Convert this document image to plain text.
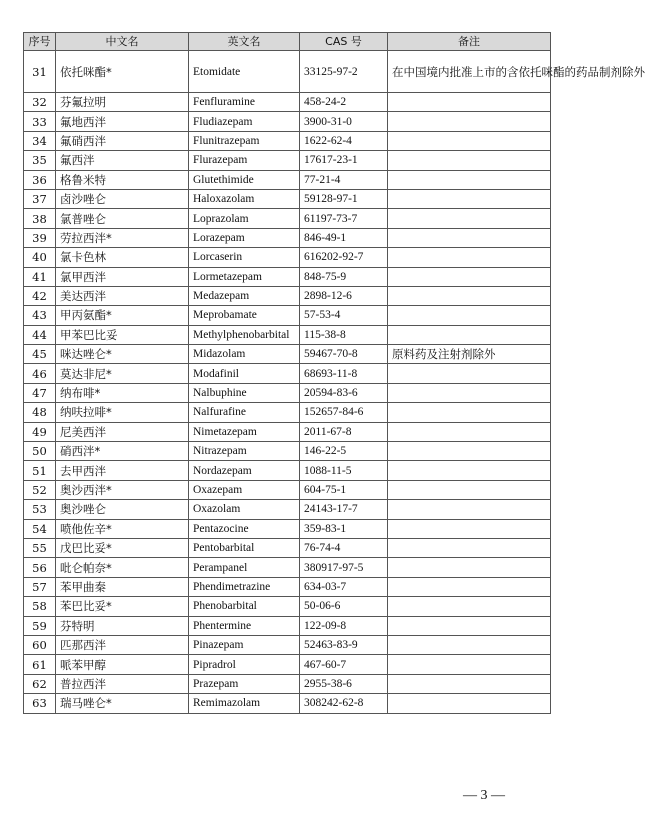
序号	中文名	英文名	CAS 号	备注
31	依托咪酯*	Etomidate	33125-97-2	在中国境内批准上市的含依托咪酯的药品制剂除外
32	芬氟拉明	Fenfluramine	458-24-2	
33	氟地西泮	Fludiazepam	3900-31-0	
34	氟硝西泮	Flunitrazepam	1622-62-4	
35	氟西泮	Flurazepam	17617-23-1	
36	格鲁米特	Glutethimide	77-21-4	
37	卤沙唑仑	Haloxazolam	59128-97-1	
38	氯普唑仑	Loprazolam	61197-73-7	
39	劳拉西泮*	Lorazepam	846-49-1	
40	氯卡色林	Lorcaserin	616202-92-7	
41	氯甲西泮	Lormetazepam	848-75-9	
42	美达西泮	Medazepam	2898-12-6	
43	甲丙氨酯*	Meprobamate	57-53-4	
44	甲苯巴比妥	Methylphenobarbital	115-38-8	
45	咪达唑仑*	Midazolam	59467-70-8	原料药及注射剂除外
46	莫达非尼*	Modafinil	68693-11-8	
47	纳布啡*	Nalbuphine	20594-83-6	
48	纳呋拉啡*	Nalfurafine	152657-84-6	
49	尼美西泮	Nimetazepam	2011-67-8	
50	硝西泮*	Nitrazepam	146-22-5	
51	去甲西泮	Nordazepam	1088-11-5	
52	奥沙西泮*	Oxazepam	604-75-1	
53	奥沙唑仑	Oxazolam	24143-17-7	
54	喷他佐辛*	Pentazocine	359-83-1	
55	戊巴比妥*	Pentobarbital	76-74-4	
56	吡仑帕奈*	Perampanel	380917-97-5	
57	苯甲曲秦	Phendimetrazine	634-03-7	
58	苯巴比妥*	Phenobarbital	50-06-6	
59	芬特明	Phentermine	122-09-8	
60	匹那西泮	Pinazepam	52463-83-9	
61	哌苯甲醇	Pipradrol	467-60-7	
62	普拉西泮	Prazepam	2955-38-6	
63	瑞马唑仑*	Remimazolam	308242-62-8	
— 3 —
